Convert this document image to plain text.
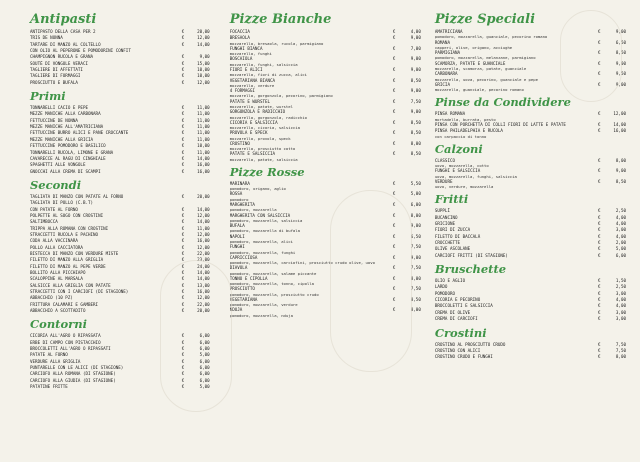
Antipasti
ANTIPASTO DELLA CASA PER 2	€	20,00
TRIS DE NONNA	€	12,00
TARTARE DI MANZO AL COLTELLO	€	14,00
CON OLIO AL PEPERONE E POMODORINI CONFIT
CHAMPIGNON RUCOLA E GRANA	€	9,00
SOUTÈ DI VONGOLE VERACI	€	15,00
TAGLIERE DI AFFETTATI	€	10,00
TAGLIERE DI FORMAGGI	€	10,00
PROSCIUTTO E BUFALA	€	12,00
Primi
TONNARELLI CACIO E PEPE	€	11,00
MEZZE MANICHE ALLA CARBONARA	€	11,00
FETTUCCINE DE NONNA	€	11,00
MEZZE MANICHE ALL'AMATRICIANA	€	11,00
FETTUCCINE BURRO ALICI E PANE CROCCANTE	€	11,00
MEZZE MANICHE ALLA GRICIA	€	11,00
FETTUCCINE POMODORO E BASILICO	€	10,00
TONNARELLI RUCOLA, LIMONE E GRANA	€	11,00
CAVARECCE AL RAGÙ DI CINGHIALE	€	14,00
SPAGHETTI ALLE VONGOLE	€	16,00
GNOCCHI ALLA CREMA DI SCAMPI	€	16,00
Secondi
TAGLIATA DI MANZO CON PATATE AL FORNO	€	20,00
TAGLIATA DI POLLO (C.B.T)
CON PATATE AL FORNO	€	14,00
POLPETTE AL SUGO CON CROSTINI	€	12,00
SALTIMBOCCA	€	14,00
TRIPPA ALLA ROMANA CON CROSTINI	€	11,00
STRACCETTI RUCOLA E PACHINO	€	12,00
CODA ALLA VACCINARA	€	16,00
POLLO ALLA CACCIATORA	€	12,00
BISTECCA DI MANZO CON VERDURE MISTE	€	22,00
FILETTO DI MANZO ALLA GRIGLIA	€	23,00
FILETTO DI MANZO AL PEPE VERDE	€	24,00
BOLLITO ALLA PICCHIAPÒ	€	14,00
SCALOPPINE AL MARSALA	€	14,00
SALSICCE ALLA GRIGLIA CON PATATE	€	13,00
STRACCETTI CON I CARCIOFI (DI STAGIONE)	€	16,00
ABBACCHIO (10 PZ)	€	12,00
FRITTURA CALAMARI E GAMBERI	€	22,00
ABBACCHIO A SCOTTADITO	€	20,00
Contorni
CICORIA ALL'AGRO O RIPASSATA	€	6,00
ERBE DI CAMPO CON PISTACCHIO	€	6,00
BROCCOLETTI ALL'AGRO O RIPASSATI	€	6,00
PATATE AL FORNO	€	5,00
VERDURE ALLA GRIGLIA	€	6,00
PUNTARELLE CON LE ALICI (DI STAGIONE)	€	6,00
CARCIOFO ALLA ROMANA (DI STAGIONE)	€	6,00
CARCIOFO ALLA GIUDIA (DI STAGIONE)	€	6,00
PATATINE FRITTE	€	5,00
Pizze Bianche
FOCACCIA	€	4,00
BRESAOLA	€	9,00
mozzarella, bresaola, rucola, parmigiano
FUNGHI BIANCA	€	7,00
mozzarella, funghi
BOSCAIOLA	€	9,00
mozzarella, funghi, salsiccia
FIORI E ALICI	€	9,00
mozzarella, fiori di zucca, alici
VEGETARIANA BIANCA	€	8,50
mozzarella, verdure
4 FORMAGGI	€	9,00
mozzarella, gorgonzola, pecorino, parmigiano
PATATE E WURSTEL	€	7,50
mozzarella, patate, wurstel
GORGONZOLA E RADICCHIO	€	9,00
mozzarella, gorgonzola, radicchio
CICORIA E SALSICCIA	€	8,50
mozzarella, cicoria, salsiccia
PROVOLA E SPECK	€	8,50
mozzarella, provola, speck
CROSTINO	€	8,00
mozzarella, prosciutto cotto
PATATE E SALSICCIA	€	8,50
mozzarella, patate, salsiccia
Pizze Rosse
MARINARA	€	5,50
pomodoro, origano, aglio
ROSSA	€	5,00
pomodoro
MARGHERITA	€	6,00
pomodoro, mozzarella
MARGHERITA CON SALSICCIA	€	8,00
pomodoro, mozzarella, salsiccia
BUFALA	€	9,00
pomodoro, mozzarella di bufala
NAPOLI	€	6,50
pomodoro, mozzarella, alici
FUNGHI	€	7,50
pomodoro, mozzarella, funghi
CAPRICCIOSA	€	9,00
pomodoro, mozzarella, carciofini, prosciutto crudo olive, uovo
DIAVOLA	€	7,50
pomodoro, mozzarella, salame piccante
TONNO E CIPOLLA	€	8,00
pomodoro, mozzarella, tonno, cipolla
PROSCIUTTO	€	7,50
pomodoro, mozzarella, prosciutto crudo
VEGETARIANA	€	8,50
pomodoro, mozzarella, verdure
NDUJA	€	8,00
pomodoro, mozzarella, nduja
Pizze Speciali
AMATRICIANA	€	9,00
pomodoro, mozzarella, guanciale, pecorino romano
ROMANA	€	6,50
capperi, olive, origano, acciughe
PARMIGIANA	€	8,50
pomodoro, mozzarella, melanzane, parmigiano
SCAMORZA, PATATE E GUANCIALE	€	9,00
mozzarella, scamorza, patate, guanciale
CARBONARA	€	9,50
mozzarella, uova, pecorino, guanciale e pepe
GRICIA	€	9,00
mozzarella, guanciale, pecorino romano
Pinse da Condividere
PINSA ROMANA	€	12,00
mortadella, burrata, pesto
PINSA CON PORCHETTA DI COLLI FIORI DI LATTE E PATATE	€	14,00
PINSA PHILADELPHIA E RUCOLA	€	16,00
con carpaccio di tonno
Calzoni
CLASSICO	€	8,00
uovo, mozzarella, cotto
FUNGHI E SALSICCIA	€	9,00
uova, mozzarella, funghi, salsiccia
VERDURE	€	8,50
uovo, verdure, mozzarella
Fritti
SUPPLÌ	€	2,50
BUCANCINO	€	4,00
GRICIONE	€	4,00
FIORI DI ZUCCA	€	3,00
FILETTO DI BACCALÀ	€	4,00
CROCCHETTE	€	2,00
OLIVE ASCOLANE	€	5,00
CARCIOFI FRITTI (DI STAGIONE)	€	6,00
Bruschette
OLIO E AGLIO	€	1,50
LARDO	€	2,50
POMODORO	€	3,00
CICORIA E PECORINO	€	4,00
BROCCOLETTI E SALSICCIA	€	4,00
CREMA DI OLIVE	€	3,00
CREMA DI CARCIOFI	€	3,00
Crostini
CROSTINO AL PROSCIUTTO CRUDO	€	7,50
CROSTINO CON ALICI	€	7,50
CROSTINO CRUDO E FUNGHI	€	8,00
